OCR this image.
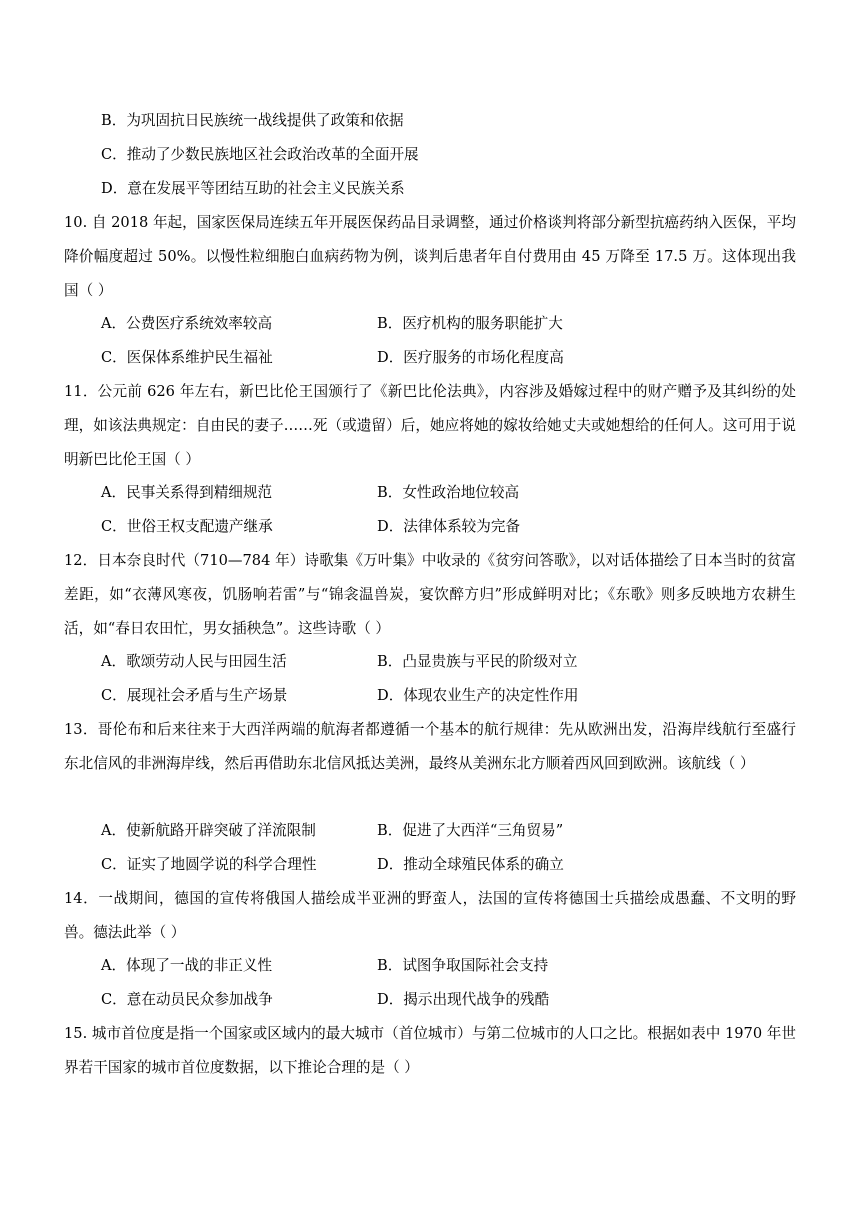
B．为巩固抗日民族统一战线提供了政策和依据
C．推动了少数民族地区社会政治改革的全面开展
D．意在发展平等团结互助的社会主义民族关系
10. 自 2018 年起，国家医保局连续五年开展医保药品目录调整，通过价格谈判将部分新型抗癌药纳入医保，平均降价幅度超过 50%。以慢性粒细胞白血病药物为例，谈判后患者年自付费用由 45 万降至 17.5 万。这体现出我国（ ）
A．公费医疗系统效率较高	B．医疗机构的服务职能扩大
C．医保体系维护民生福祉	D．医疗服务的市场化程度高
11．公元前 626 年左右，新巴比伦王国颁行了《新巴比伦法典》，内容涉及婚嫁过程中的财产赠予及其纠纷的处理，如该法典规定：自由民的妻子……死（或遗留）后，她应将她的嫁妆给她丈夫或她想给的任何人。这可用于说明新巴比伦王国（ ）
A．民事关系得到精细规范	B．女性政治地位较高
C．世俗王权支配遗产继承	D．法律体系较为完备
12．日本奈良时代（710—784 年）诗歌集《万叶集》中收录的《贫穷问答歌》，以对话体描绘了日本当时的贫富差距，如“衣薄风寒夜，饥肠响若雷”与“锦衾温兽炭，宴饮醉方归”形成鲜明对比；《东歌》则多反映地方农耕生活，如“春日农田忙，男女插秧急”。这些诗歌（ ）
A．歌颂劳动人民与田园生活	B．凸显贵族与平民的阶级对立
C．展现社会矛盾与生产场景	D．体现农业生产的决定性作用
13．哥伦布和后来往来于大西洋两端的航海者都遵循一个基本的航行规律：先从欧洲出发，沿海岸线航行至盛行东北信风的非洲海岸线，然后再借助东北信风抵达美洲，最终从美洲东北方顺着西风回到欧洲。该航线（ ）
A．使新航路开辟突破了洋流限制	B．促进了大西洋“三角贸易”
C．证实了地圆学说的科学合理性	D．推动全球殖民体系的确立
14．一战期间，德国的宣传将俄国人描绘成半亚洲的野蛮人，法国的宣传将德国士兵描绘成愚蠢、不文明的野兽。德法此举（ ）
A．体现了一战的非正义性	B．试图争取国际社会支持
C．意在动员民众参加战争	D．揭示出现代战争的残酷
15. 城市首位度是指一个国家或区域内的最大城市（首位城市）与第二位城市的人口之比。根据如表中 1970 年世界若干国家的城市首位度数据，以下推论合理的是（ ）
